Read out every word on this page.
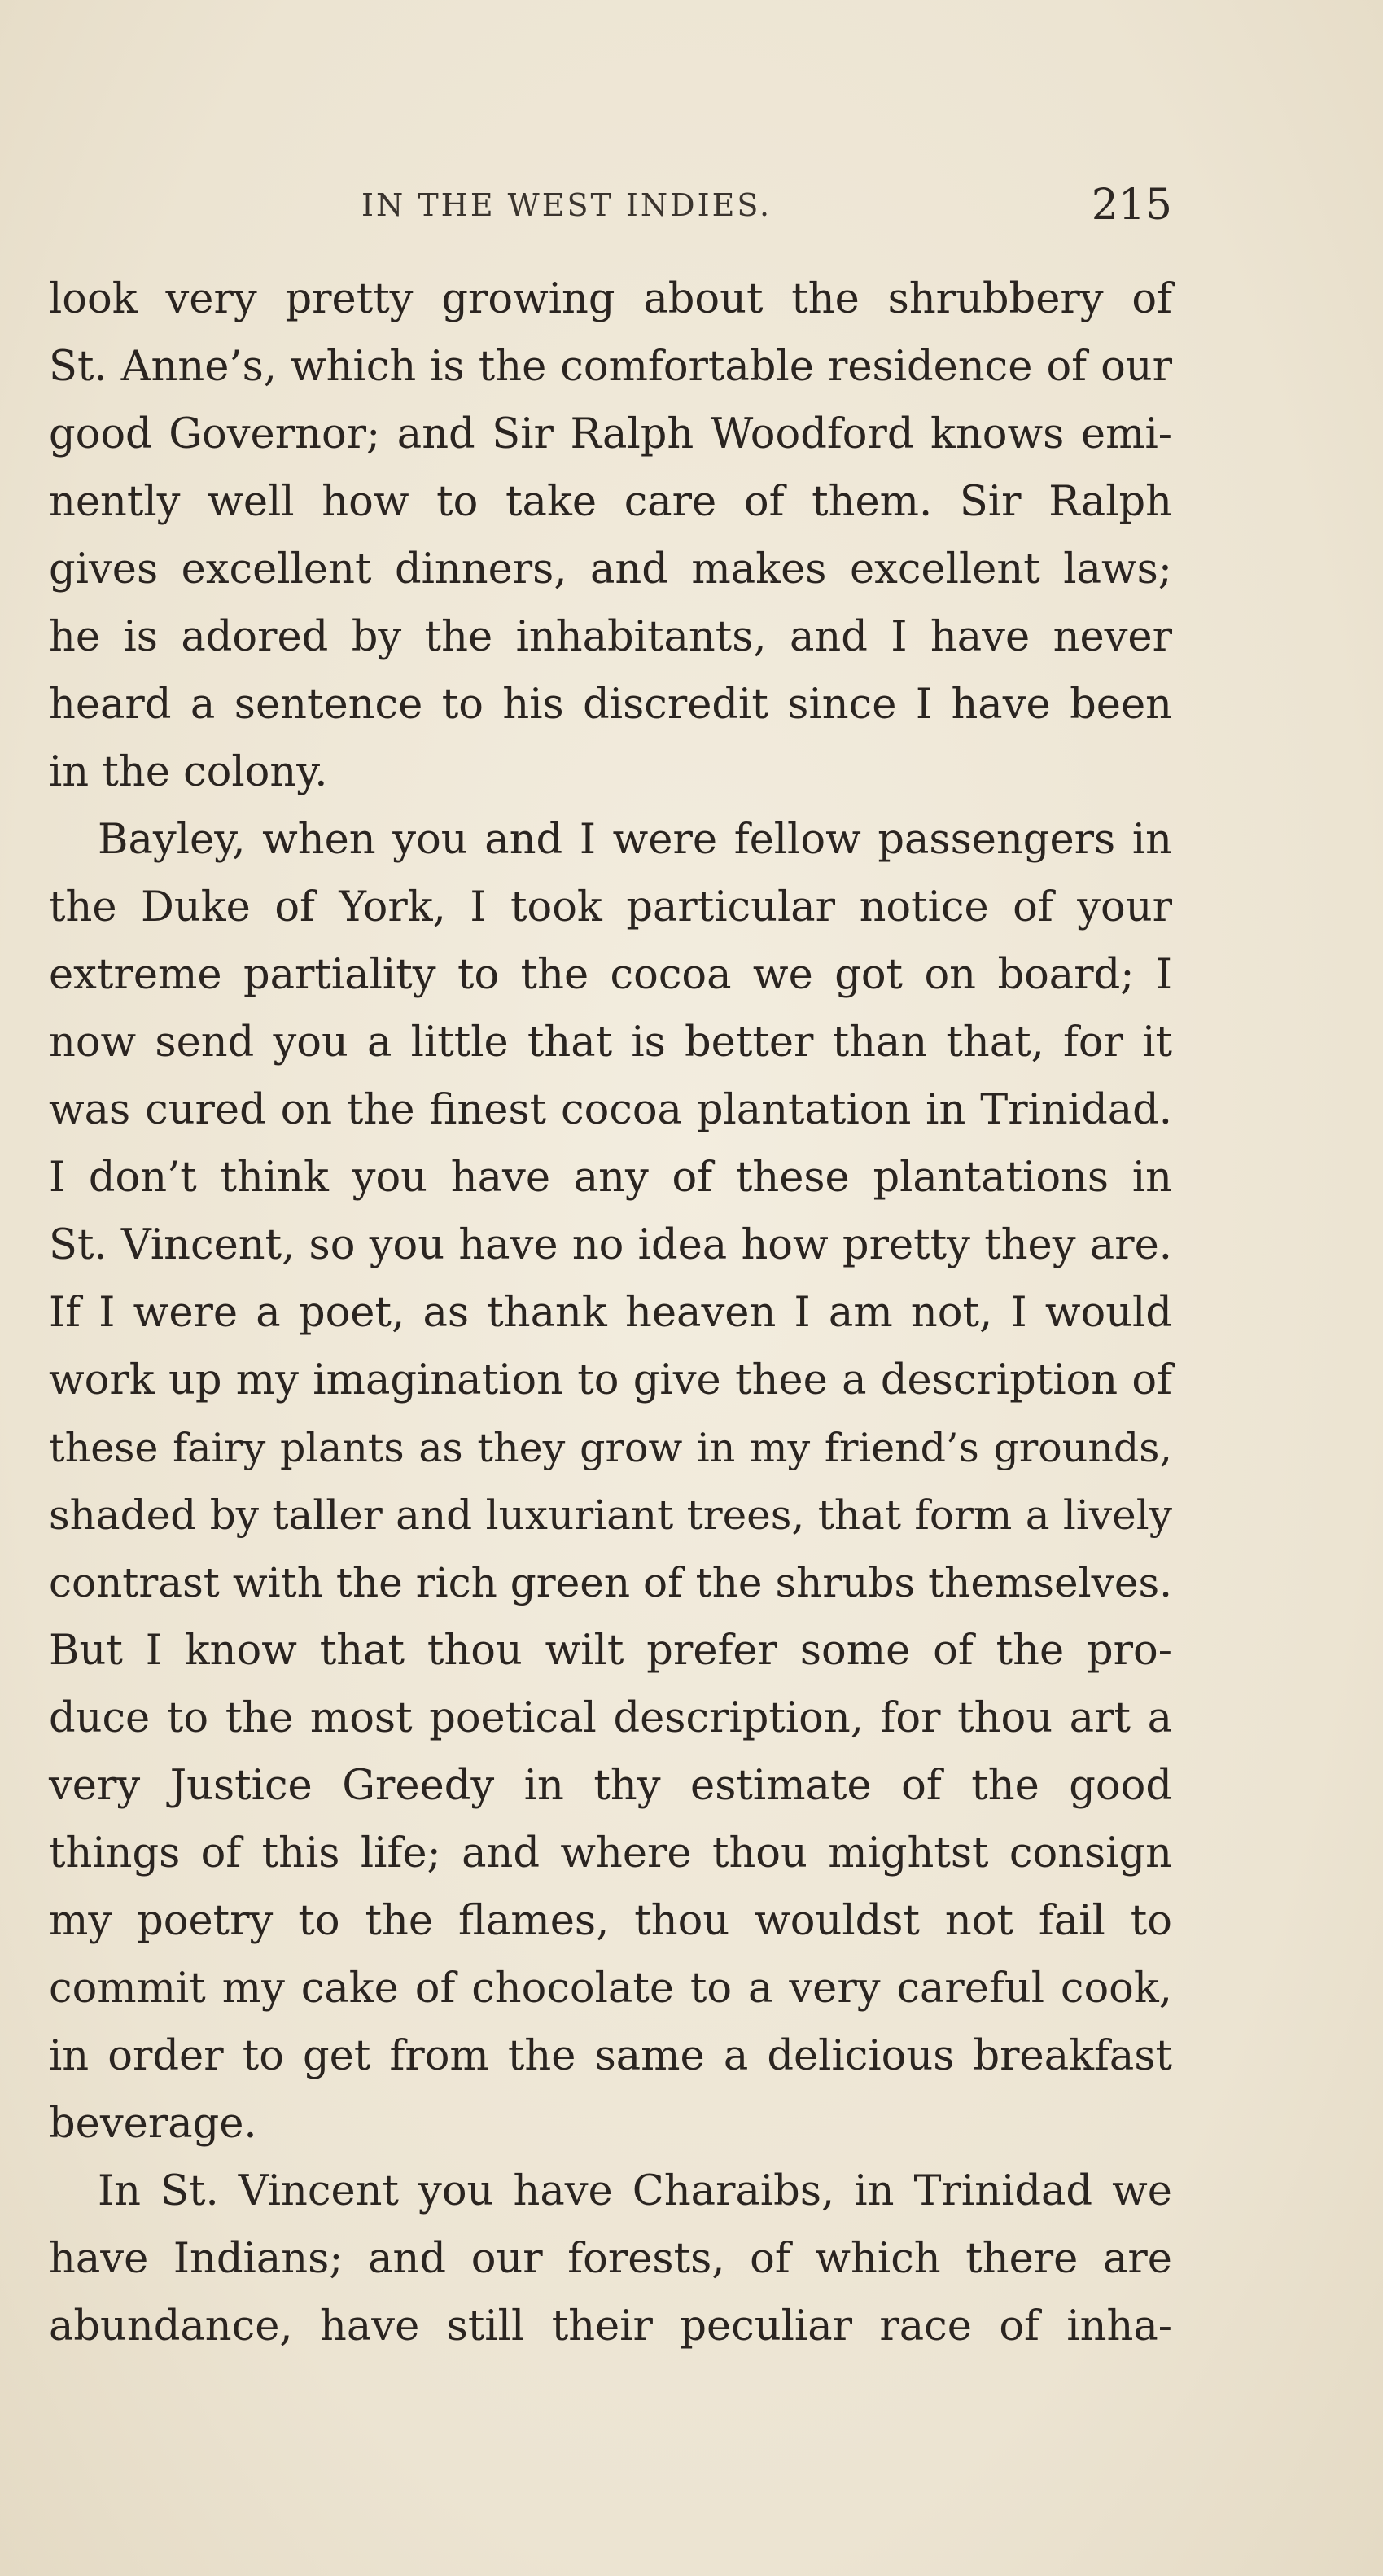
IN THE WEST INDIES.	215
look very pretty growing about the shrubbery of
St. Anne’s, which is the comfortable residence of our
good Governor; and Sir Ralph Woodford knows emi-
nently well how to take care of them. Sir Ralph
gives excellent dinners, and makes excellent laws;
he is adored by the inhabitants, and I have never
heard a sentence to his discredit since I have been
in the colony.
Bayley, when you and I were fellow passengers in
the Duke of York, I took particular notice of your
extreme partiality to the cocoa we got on board; I
now send you a little that is better than that, for it
was cured on the finest cocoa plantation in Trinidad.
I don’t think you have any of these plantations in
St. Vincent, so you have no idea how pretty they are.
If I were a poet, as thank heaven I am not, I would
work up my imagination to give thee a description of
these fairy plants as they grow in my friend’s grounds,
shaded by taller and luxuriant trees, that form a lively
contrast with the rich green of the shrubs themselves.
But I know that thou wilt prefer some of the pro-
duce to the most poetical description, for thou art a
very Justice Greedy in thy estimate of the good
things of this life; and where thou mightst consign
my poetry to the flames, thou wouldst not fail to
commit my cake of chocolate to a very careful cook,
in order to get from the same a delicious breakfast
beverage.
In St. Vincent you have Charaibs, in Trinidad we
have Indians; and our forests, of which there are
abundance, have still their peculiar race of inha-
